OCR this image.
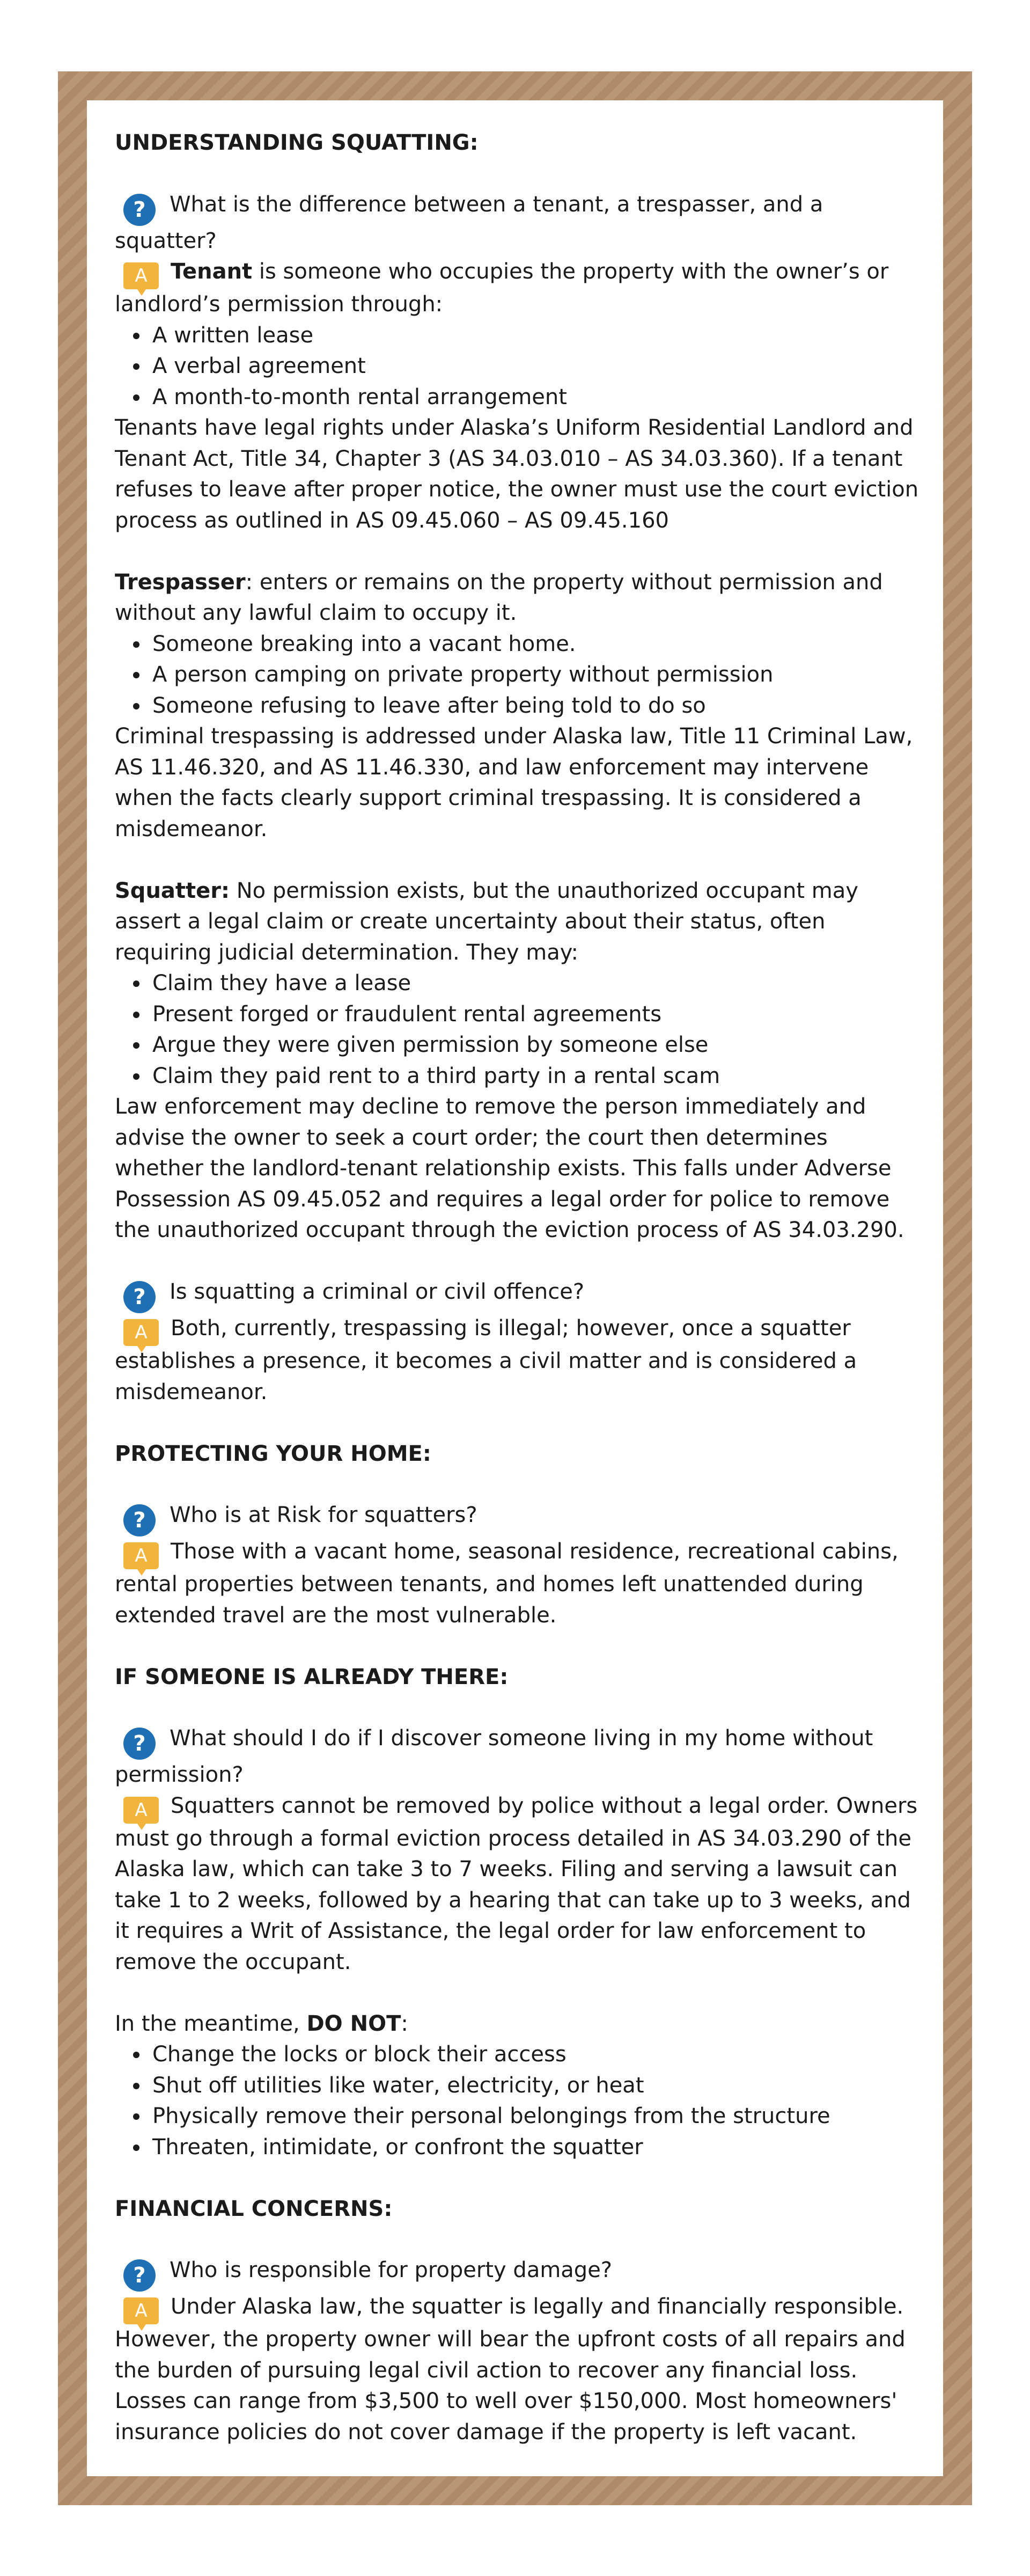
UNDERSTANDING SQUATTING:

? What is the difference between a tenant, a trespasser, and a squatter?

A Tenant is someone who occupies the property with the owner’s or landlord’s permission through:

A written lease
A verbal agreement
A month-to-month rental arrangement

Tenants have legal rights under Alaska’s Uniform Residential Landlord and Tenant Act, Title 34, Chapter 3 (AS 34.03.010 – AS 34.03.360). If a tenant refuses to leave after proper notice, the owner must use the court eviction process as outlined in AS 09.45.060 – AS 09.45.160

Trespasser: enters or remains on the property without permission and without any lawful claim to occupy it.

Someone breaking into a vacant home.
A person camping on private property without permission
Someone refusing to leave after being told to do so

Criminal trespassing is addressed under Alaska law, Title 11 Criminal Law, AS 11.46.320, and AS 11.46.330, and law enforcement may intervene when the facts clearly support criminal trespassing. It is considered a misdemeanor.

Squatter: No permission exists, but the unauthorized occupant may assert a legal claim or create uncertainty about their status, often requiring judicial determination. They may:

Claim they have a lease
Present forged or fraudulent rental agreements
Argue they were given permission by someone else
Claim they paid rent to a third party in a rental scam

Law enforcement may decline to remove the person immediately and advise the owner to seek a court order; the court then determines whether the landlord-tenant relationship exists. This falls under Adverse Possession AS 09.45.052 and requires a legal order for police to remove the unauthorized occupant through the eviction process of AS 34.03.290.

? Is squatting a criminal or civil offence?

A Both, currently, trespassing is illegal; however, once a squatter establishes a presence, it becomes a civil matter and is considered a misdemeanor.

PROTECTING YOUR HOME:

? Who is at Risk for squatters?

A Those with a vacant home, seasonal residence, recreational cabins, rental properties between tenants, and homes left unattended during extended travel are the most vulnerable.

IF SOMEONE IS ALREADY THERE:

? What should I do if I discover someone living in my home without permission?

A Squatters cannot be removed by police without a legal order. Owners must go through a formal eviction process detailed in AS 34.03.290 of the Alaska law, which can take 3 to 7 weeks. Filing and serving a lawsuit can take 1 to 2 weeks, followed by a hearing that can take up to 3 weeks, and it requires a Writ of Assistance, the legal order for law enforcement to remove the occupant.

In the meantime, DO NOT:

Change the locks or block their access
Shut off utilities like water, electricity, or heat
Physically remove their personal belongings from the structure
Threaten, intimidate, or confront the squatter
FINANCIAL CONCERNS:

? Who is responsible for property damage?

A Under Alaska law, the squatter is legally and financially responsible. However, the property owner will bear the upfront costs of all repairs and the burden of pursuing legal civil action to recover any financial loss. Losses can range from $3,500 to well over $150,000. Most homeowners' insurance policies do not cover damage if the property is left vacant.
